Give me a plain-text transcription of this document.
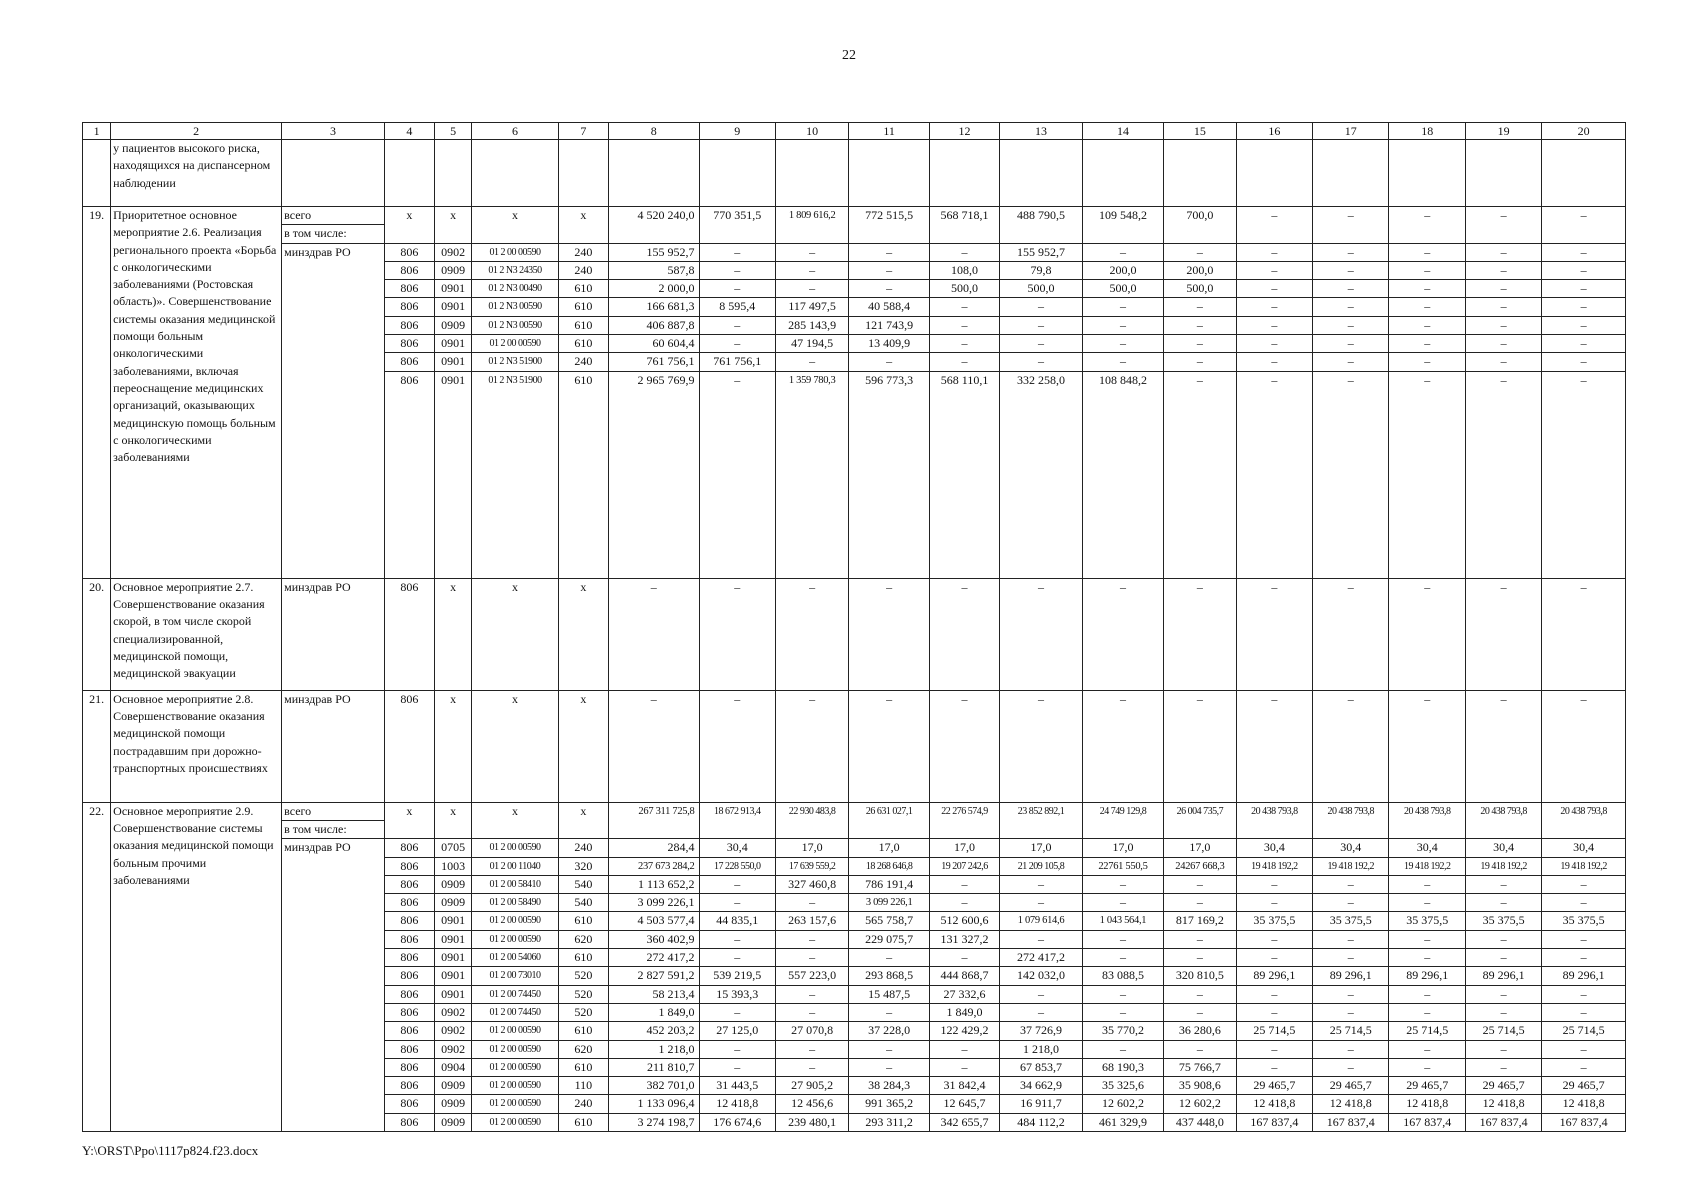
22
1	2	3	4	5	6	7	8	9	10	11	12	13	14	15	16	17	18	19	20
	у пациентов высокого риска, находящихся на диспансерном наблюдении																		
19.	Приоритетное основное мероприятие 2.6. Реализация регионального проекта «Борьба с онкологическими заболеваниями (Ростовская область)». Совершенствование системы оказания медицинской помощи больным онкологическими заболеваниями, включая переоснащение медицинских организаций, оказывающих медицинскую помощь больным с онкологическими заболеваниями	всего	х	х	х	х	4 520 240,0	770 351,5	1 809 616,2	772 515,5	568 718,1	488 790,5	109 548,2	700,0	–	–	–	–	–
		в том числе:																	
		минздрав РО	806	0902	01 2 00 00590	240	155 952,7	–	–	–	–	155 952,7	–	–	–	–	–	–	–
			806	0909	01 2 N3 24350	240	587,8	–	–	–	108,0	79,8	200,0	200,0	–	–	–	–	–
			806	0901	01 2 N3 00490	610	2 000,0	–	–	–	500,0	500,0	500,0	500,0	–	–	–	–	–
			806	0901	01 2 N3 00590	610	166 681,3	8 595,4	117 497,5	40 588,4	–	–	–	–	–	–	–	–	–
			806	0909	01 2 N3 00590	610	406 887,8	–	285 143,9	121 743,9	–	–	–	–	–	–	–	–	–
			806	0901	01 2 00 00590	610	60 604,4	–	47 194,5	13 409,9	–	–	–	–	–	–	–	–	–
			806	0901	01 2 N3 51900	240	761 756,1	761 756,1	–	–	–	–	–	–	–	–	–	–	–
			806	0901	01 2 N3 51900	610	2 965 769,9	–	1 359 780,3	596 773,3	568 110,1	332 258,0	108 848,2	–	–	–	–	–	–
20.	Основное мероприятие 2.7. Совершенствование оказания скорой, в том числе скорой специализированной, медицинской помощи, медицинской эвакуации	минздрав РО	806	х	х	х	–	–	–	–	–	–	–	–	–	–	–	–	–
21.	Основное мероприятие 2.8. Совершенствование оказания медицинской помощи пострадавшим при дорожно-транспортных происшествиях	минздрав РО	806	х	х	х	–	–	–	–	–	–	–	–	–	–	–	–	–
22.	Основное мероприятие 2.9. Совершенствование системы оказания медицинской помощи больным прочими заболеваниями	всего	х	х	х	х	267 311 725,8	18 672 913,4	22 930 483,8	26 631 027,1	22 276 574,9	23 852 892,1	24 749 129,8	26 004 735,7	20 438 793,8	20 438 793,8	20 438 793,8	20 438 793,8	20 438 793,8
		в том числе:																	
		минздрав РО	806	0705	01 2 00 00590	240	284,4	30,4	17,0	17,0	17,0	17,0	17,0	17,0	30,4	30,4	30,4	30,4	30,4
			806	1003	01 2 00 11040	320	237 673 284,2	17 228 550,0	17 639 559,2	18 268 646,8	19 207 242,6	21 209 105,8	22761 550,5	24267 668,3	19 418 192,2	19 418 192,2	19 418 192,2	19 418 192,2	19 418 192,2
			806	0909	01 2 00 58410	540	1 113 652,2	–	327 460,8	786 191,4	–	–	–	–	–	–	–	–	–
			806	0909	01 2 00 58490	540	3 099 226,1	–	–	3 099 226,1	–	–	–	–	–	–	–	–	–
			806	0901	01 2 00 00590	610	4 503 577,4	44 835,1	263 157,6	565 758,7	512 600,6	1 079 614,6	1 043 564,1	817 169,2	35 375,5	35 375,5	35 375,5	35 375,5	35 375,5
			806	0901	01 2 00 00590	620	360 402,9	–	–	229 075,7	131 327,2	–	–	–	–	–	–	–	–
			806	0901	01 2 00 54060	610	272 417,2	–	–	–	–	272 417,2	–	–	–	–	–	–	–
			806	0901	01 2 00 73010	520	2 827 591,2	539 219,5	557 223,0	293 868,5	444 868,7	142 032,0	83 088,5	320 810,5	89 296,1	89 296,1	89 296,1	89 296,1	89 296,1
			806	0901	01 2 00 74450	520	58 213,4	15 393,3	–	15 487,5	27 332,6	–	–	–	–	–	–	–	–
			806	0902	01 2 00 74450	520	1 849,0	–	–	–	1 849,0	–	–	–	–	–	–	–	–
			806	0902	01 2 00 00590	610	452 203,2	27 125,0	27 070,8	37 228,0	122 429,2	37 726,9	35 770,2	36 280,6	25 714,5	25 714,5	25 714,5	25 714,5	25 714,5
			806	0902	01 2 00 00590	620	1 218,0	–	–	–	–	1 218,0	–	–	–	–	–	–	–
			806	0904	01 2 00 00590	610	211 810,7	–	–	–	–	67 853,7	68 190,3	75 766,7	–	–	–	–	–
			806	0909	01 2 00 00590	110	382 701,0	31 443,5	27 905,2	38 284,3	31 842,4	34 662,9	35 325,6	35 908,6	29 465,7	29 465,7	29 465,7	29 465,7	29 465,7
			806	0909	01 2 00 00590	240	1 133 096,4	12 418,8	12 456,6	991 365,2	12 645,7	16 911,7	12 602,2	12 602,2	12 418,8	12 418,8	12 418,8	12 418,8	12 418,8
			806	0909	01 2 00 00590	610	3 274 198,7	176 674,6	239 480,1	293 311,2	342 655,7	484 112,2	461 329,9	437 448,0	167 837,4	167 837,4	167 837,4	167 837,4	167 837,4
Y:\ORST\Ppo\1117p824.f23.docx
